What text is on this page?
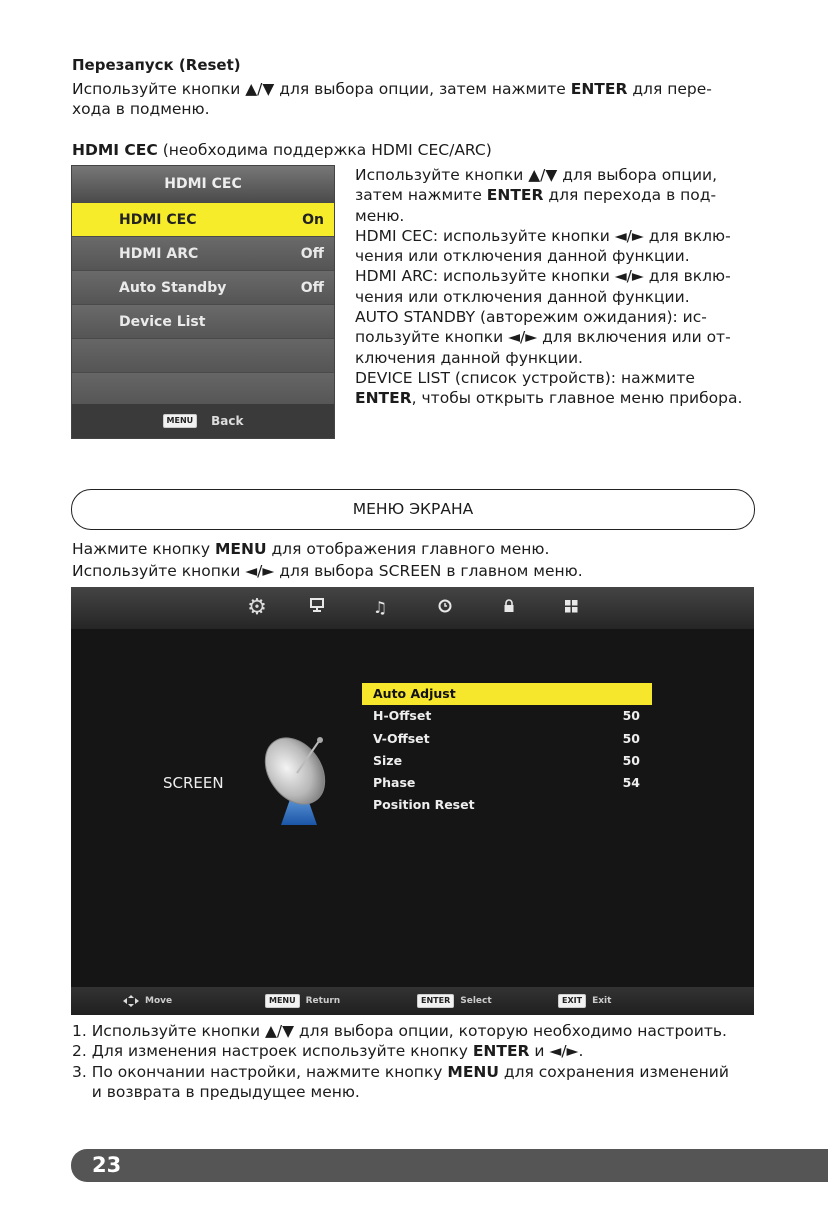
Перезапуск (Reset)
Используйте кнопки ▲/▼ для выбора опции, затем нажмите ENTER для пере-
хода в подменю.
HDMI CEC (необходима поддержка HDMI CEC/ARC)
HDMI CEC
HDMI CEC	On
HDMI ARC	Off
Auto Standby	Off
Device List
MENU	Back
Используйте кнопки ▲/▼ для выбора опции,
затем нажмите ENTER для перехода в под-
меню.
HDMI CEC: используйте кнопки ◄/► для вклю-
чения или отключения данной функции.
HDMI ARC: используйте кнопки ◄/► для вклю-
чения или отключения данной функции.
AUTO STANDBY (авторежим ожидания): ис-
пользуйте кнопки ◄/► для включения или от-
ключения данной функции.
DEVICE LIST (список устройств): нажмите
ENTER, чтобы открыть главное меню прибора.
МЕНЮ ЭКРАНА
Нажмите кнопку MENU для отображения главного меню.
Используйте кнопки ◄/► для выбора SCREEN в главном меню.
⚙	♫
SCREEN
Auto Adjust
H-Offset	50
V-Offset	50
Size	50
Phase	54
Position Reset
Move	MENU	Return	ENTER	Select	EXIT	Exit
1. Используйте кнопки ▲/▼ для выбора опции, которую необходимо настроить.
2. Для изменения настроек используйте кнопку ENTER и ◄/►.
3. По окончании настройки, нажмите кнопку MENU для сохранения изменений
и возврата в предыдущее меню.
23
